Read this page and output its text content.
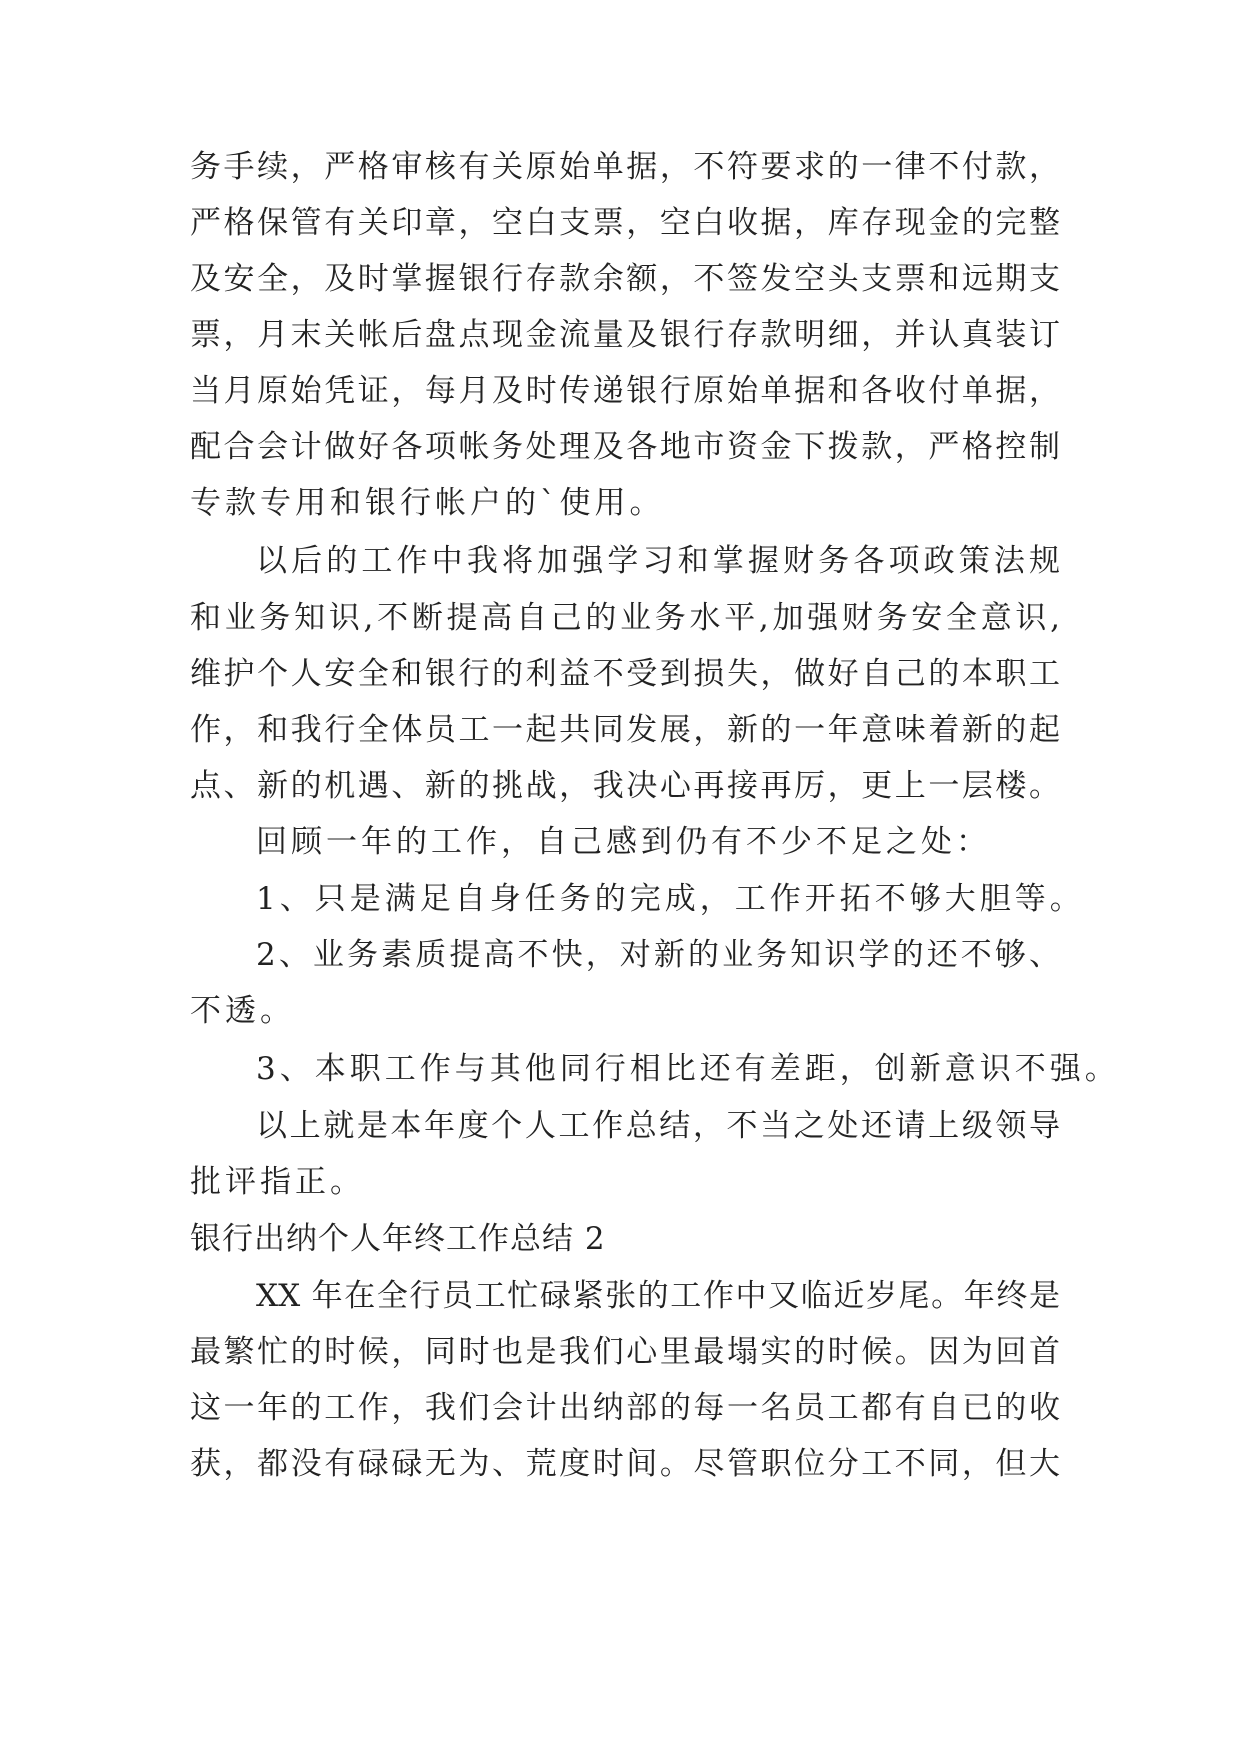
务手续，严格审核有关原始单据，不符要求的一律不付款，
严格保管有关印章，空白支票，空白收据，库存现金的完整
及安全，及时掌握银行存款余额，不签发空头支票和远期支
票，月末关帐后盘点现金流量及银行存款明细，并认真装订
当月原始凭证，每月及时传递银行原始单据和各收付单据，
配合会计做好各项帐务处理及各地市资金下拨款，严格控制
专款专用和银行帐户的`使用。
以后的工作中我将加强学习和掌握财务各项政策法规
和业务知识,不断提高自己的业务水平,加强财务安全意识,
维护个人安全和银行的利益不受到损失，做好自己的本职工
作，和我行全体员工一起共同发展，新的一年意味着新的起
点、新的机遇、新的挑战，我决心再接再厉，更上一层楼。
回顾一年的工作，自己感到仍有不少不足之处：
1、只是满足自身任务的完成，工作开拓不够大胆等。
2、业务素质提高不快，对新的业务知识学的还不够、
不透。
3、本职工作与其他同行相比还有差距，创新意识不强。
以上就是本年度个人工作总结，不当之处还请上级领导
批评指正。
银行出纳个人年终工作总结 2
XX 年在全行员工忙碌紧张的工作中又临近岁尾。年终是
最繁忙的时候，同时也是我们心里最塌实的时候。因为回首
这一年的工作，我们会计出纳部的每一名员工都有自已的收
获，都没有碌碌无为、荒度时间。尽管职位分工不同，但大
